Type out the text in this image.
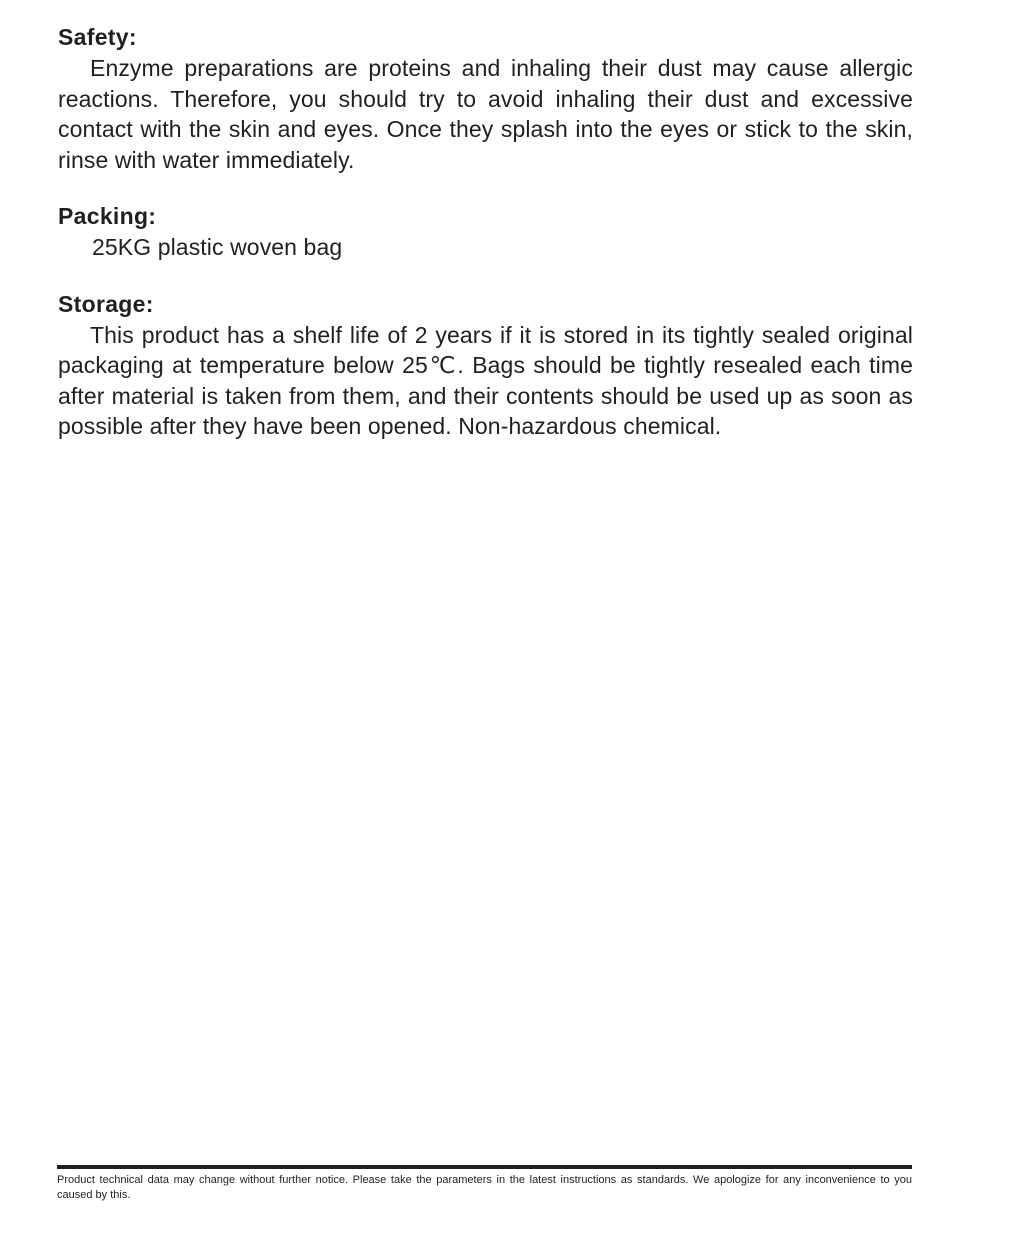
Safety:

Enzyme preparations are proteins and inhaling their dust may cause allergic reactions. Therefore, you should try to avoid inhaling their dust and excessive contact with the skin and eyes. Once they splash into the eyes or stick to the skin, rinse with water immediately.

Packing:

25KG plastic woven bag

Storage:

This product has a shelf life of 2 years if it is stored in its tightly sealed original packaging at temperature below 25℃. Bags should be tightly resealed each time after material is taken from them, and their contents should be used up as soon as possible after they have been opened. Non-hazardous chemical.

Product technical data may change without further notice. Please take the parameters in the latest instructions as standards. We apologize for any inconvenience to you caused by this.
